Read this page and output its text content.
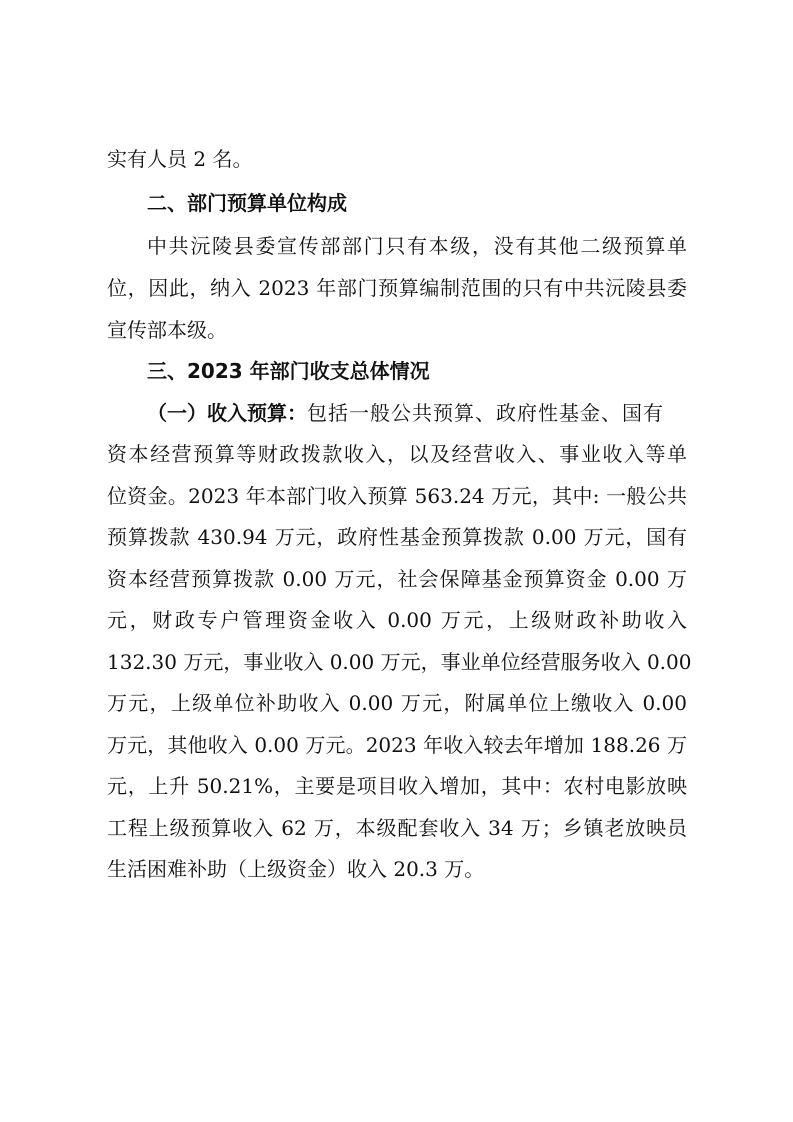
实有人员 2 名。
二、部门预算单位构成
中共沅陵县委宣传部部门只有本级，没有其他二级预算单
位，因此，纳入 2023 年部门预算编制范围的只有中共沅陵县委
宣传部本级。
三、2023 年部门收支总体情况
（一）收入预算：包括一般公共预算、政府性基金、国有
资本经营预算等财政拨款收入，以及经营收入、事业收入等单
位资金。2023 年本部门收入预算 563.24 万元，其中: 一般公共
预算拨款 430.94 万元，政府性基金预算拨款 0.00 万元，国有
资本经营预算拨款 0.00 万元，社会保障基金预算资金 0.00 万
元，财政专户管理资金收入 0.00 万元，上级财政补助收入
132.30 万元，事业收入 0.00 万元，事业单位经营服务收入 0.00
万元，上级单位补助收入 0.00 万元，附属单位上缴收入 0.00
万元，其他收入 0.00 万元。2023 年收入较去年增加 188.26 万
元，上升 50.21%，主要是项目收入增加，其中：农村电影放映
工程上级预算收入 62 万，本级配套收入 34 万；乡镇老放映员
生活困难补助（上级资金）收入 20.3 万。
